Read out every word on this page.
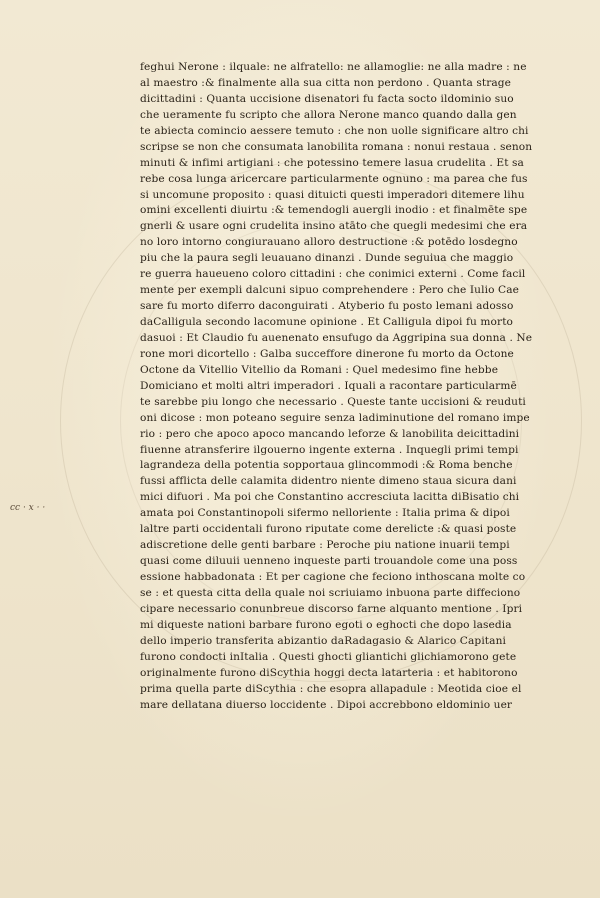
cc · x · ·
feghui Nerone : ilquale: ne alfratello: ne allamoglie: ne alla madre : ne
al maestro :& finalmente alla sua citta non perdono . Quanta strage
dicittadini : Quanta uccisione disenatori fu facta socto ildominio suo
che ueramente fu scripto che allora Nerone manco quando dalla gen
te abiecta comincio aessere temuto : che non uolle significare altro chi
scripse se non che consumata lanobilita romana : nonui restaua . senon
minuti & infimi artigiani : che potessino temere lasua crudelita . Et sa
rebe cosa lunga aricercare particularmente ognuno : ma parea che fus
si uncomune proposito : quasi dituicti questi imperadori ditemere lihu
omini excellenti diuirtu :& temendogli auergli inodio : et finalmēte spe
gnerli & usare ogni crudelita insino atāto che quegli medesimi che era
no loro intorno congiurauano alloro destructione :& potēdo losdegno
piu che la paura segli leuauano dinanzi . Dunde seguiua che maggio
re guerra haueueno coloro cittadini : che conimici externi . Come facil
mente per exempli dalcuni sipuo comprehendere : Pero che Iulio Cae
sare fu morto diferro daconguirati . Atyberio fu posto lemani adosso
daCalligula secondo lacomune opinione . Et Calligula dipoi fu morto
dasuoi : Et Claudio fu auenenato ensufugo da Aggripina sua donna . Ne
rone mori dicortello : Galba succeffore dinerone fu morto da Octone
Octone da Vitellio Vitellio da Romani : Quel medesimo fine hebbe
Domiciano et molti altri imperadori . Iquali a racontare particularmē
te sarebbe piu longo che necessario . Queste tante uccisioni & reuduti
oni dicose : mon poteano seguire senza ladiminutione del romano impe
rio : pero che apoco apoco mancando leforze & lanobilita deicittadini
fiuenne atransferire ilgouerno ingente externa . Inquegli primi tempi
lagrandeza della potentia sopportaua glincommodi :& Roma benche
fussi afflicta delle calamita didentro niente dimeno staua sicura dani
mici difuori . Ma poi che Constantino accresciuta lacitta diBisatio chi
amata poi Constantinopoli sifermo nelloriente : Italia prima & dipoi
laltre parti occidentali furono riputate come derelicte :& quasi poste
adiscretione delle genti barbare : Peroche piu natione inuarii tempi
quasi come diluuii uenneno inqueste parti trouandole come una poss
essione habbadonata : Et per cagione che feciono inthoscana molte co
se : et questa citta della quale noi scriuiamo inbuona parte diffeciono
cipare necessario conunbreue discorso farne alquanto mentione . Ipri
mi diqueste nationi barbare furono egoti o eghocti che dopo lasedia
dello imperio transferita abizantio daRadagasio & Alarico Capitani
furono condocti inItalia . Questi ghocti gliantichi glichiamorono gete
originalmente furono diScythia hoggi decta latarteria : et habitorono
prima quella parte diScythia : che esopra allapadule : Meotida cioe el
mare dellatana diuerso loccidente . Dipoi accrebbono eldominio uer
